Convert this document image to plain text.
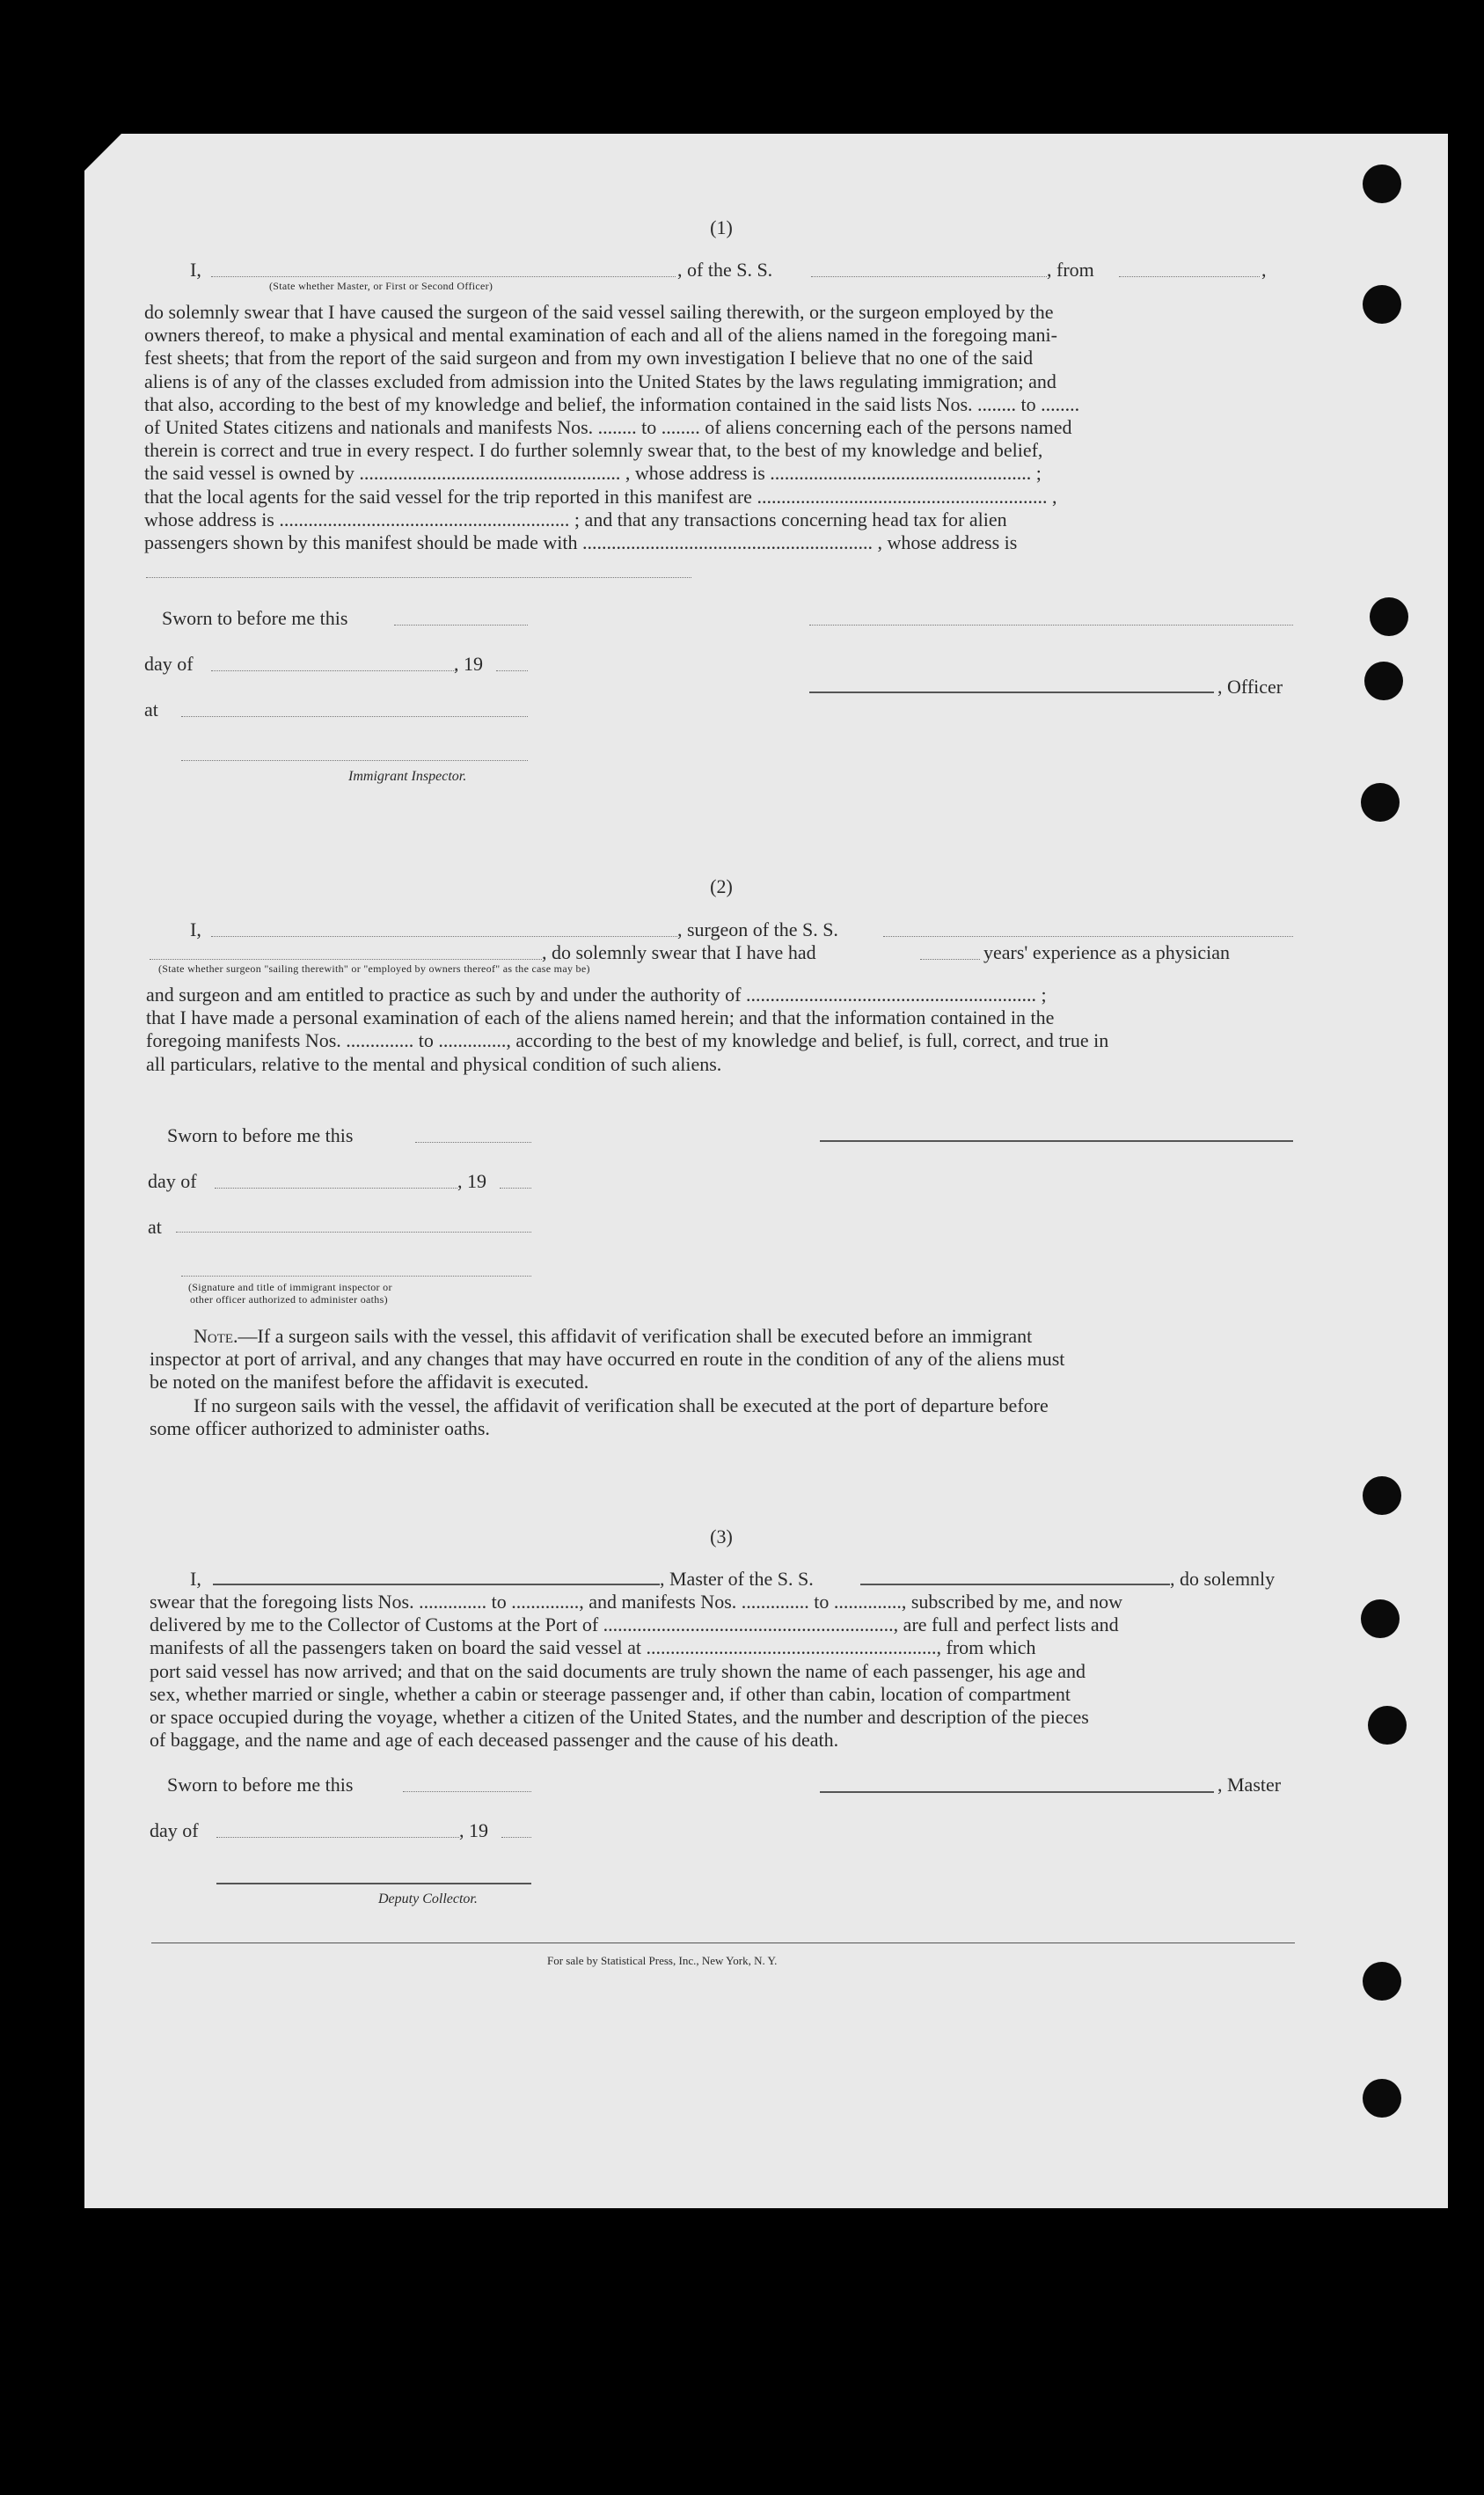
(1)
I,	, of the S. S.	, from	,
(State whether Master, or First or Second Officer)
do solemnly swear that I have caused the surgeon of the said vessel sailing therewith, or the surgeon employed by the
owners thereof, to make a physical and mental examination of each and all of the aliens named in the foregoing mani-
fest sheets; that from the report of the said surgeon and from my own investigation I believe that no one of the said
aliens is of any of the classes excluded from admission into the United States by the laws regulating immigration; and
that also, according to the best of my knowledge and belief, the information contained in the said lists Nos. ........ to ........
of United States citizens and nationals and manifests Nos. ........ to ........ of aliens concerning each of the persons named
therein is correct and true in every respect. I do further solemnly swear that, to the best of my knowledge and belief,
the said vessel is owned by ...................................................... , whose address is ...................................................... ;
that the local agents for the said vessel for the trip reported in this manifest are ............................................................ ,
whose address is ............................................................ ; and that any transactions concerning head tax for alien
passengers shown by this manifest should be made with ............................................................ , whose address is
Sworn to before me this
day of	, 19
, Officer
at
Immigrant Inspector.
(2)
I,	, surgeon of the S. S.
, do solemnly swear that I have had	years' experience as a physician
(State whether surgeon "sailing therewith" or "employed by owners thereof" as the case may be)
and surgeon and am entitled to practice as such by and under the authority of ............................................................ ;
that I have made a personal examination of each of the aliens named herein; and that the information contained in the
foregoing manifests Nos. .............. to .............., according to the best of my knowledge and belief, is full, correct, and true in
all particulars, relative to the mental and physical condition of such aliens.
Sworn to before me this
day of	, 19
at
(Signature and title of immigrant inspector or
other officer authorized to administer oaths)
Note.—If a surgeon sails with the vessel, this affidavit of verification shall be executed before an immigrant
inspector at port of arrival, and any changes that may have occurred en route in the condition of any of the aliens must
be noted on the manifest before the affidavit is executed.
If no surgeon sails with the vessel, the affidavit of verification shall be executed at the port of departure before
some officer authorized to administer oaths.
(3)
I,	, Master of the S. S.	, do solemnly
swear that the foregoing lists Nos. .............. to .............., and manifests Nos. .............. to .............., subscribed by me, and now
delivered by me to the Collector of Customs at the Port of ............................................................, are full and perfect lists and
manifests of all the passengers taken on board the said vessel at ............................................................, from which
port said vessel has now arrived; and that on the said documents are truly shown the name of each passenger, his age and
sex, whether married or single, whether a cabin or steerage passenger and, if other than cabin, location of compartment
or space occupied during the voyage, whether a citizen of the United States, and the number and description of the pieces
of baggage, and the name and age of each deceased passenger and the cause of his death.
Sworn to before me this	, Master
day of	, 19
Deputy Collector.
For sale by Statistical Press, Inc., New York, N. Y.
